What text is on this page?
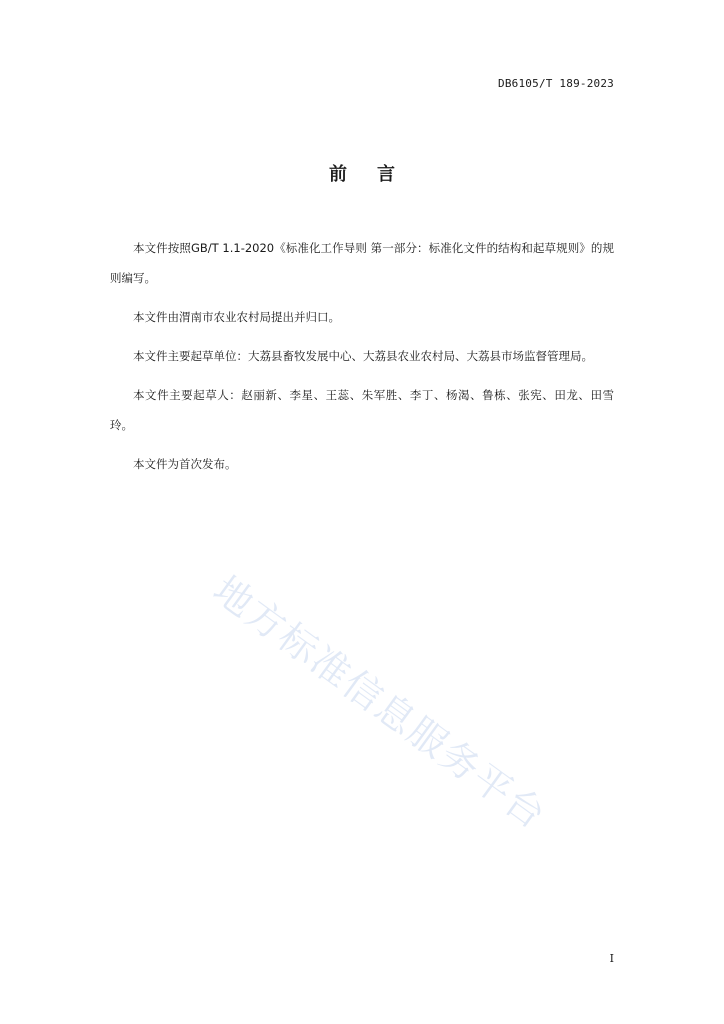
DB6105/T 189-2023
前言

本文件按照GB/T 1.1-2020《标准化工作导则 第一部分：标准化文件的结构和起草规则》的规则编写。

本文件由渭南市农业农村局提出并归口。

本文件主要起草单位：大荔县畜牧发展中心、大荔县农业农村局、大荔县市场监督管理局。

本文件主要起草人：赵丽新、李星、王蕊、朱军胜、李丁、杨渴、鲁栋、张宪、田龙、田雪玲。

本文件为首次发布。

地方标准信息服务平台
I
